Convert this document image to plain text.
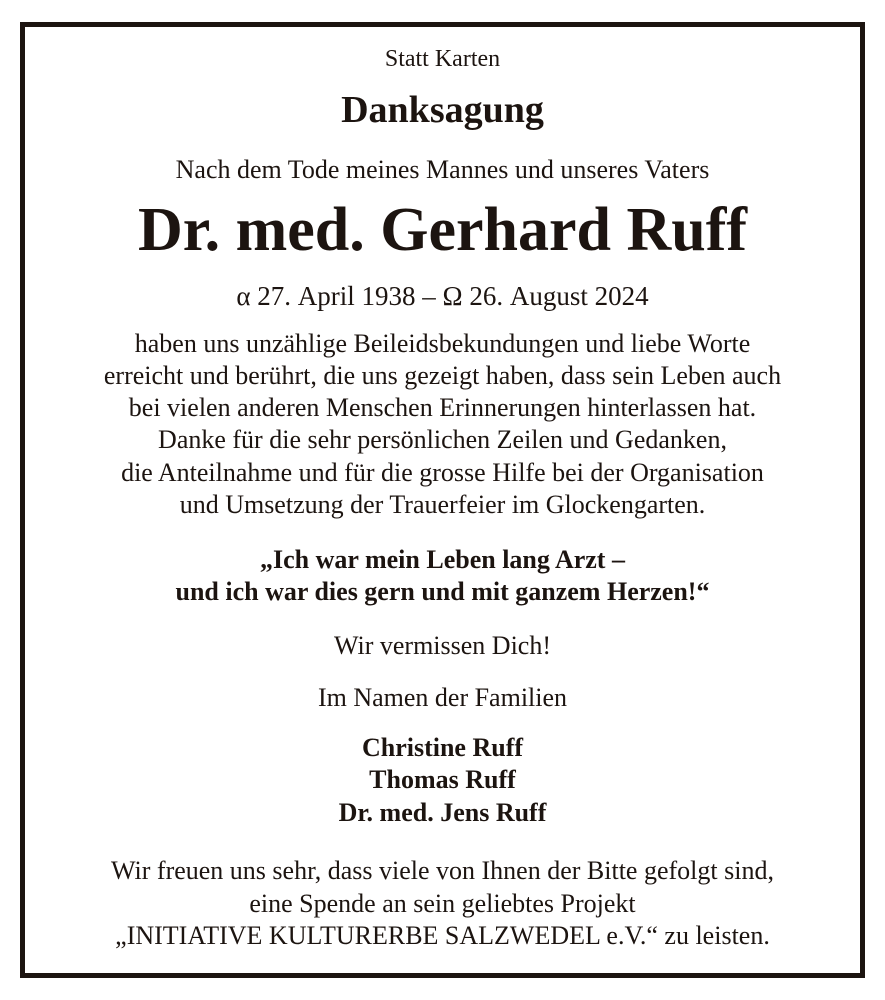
Statt Karten
Danksagung
Nach dem Tode meines Mannes und unseres Vaters
Dr. med. Gerhard Ruff
α 27. April 1938 – Ω 26. August 2024
haben uns unzählige Beileidsbekundungen und liebe Worte
erreicht und berührt, die uns gezeigt haben, dass sein Leben auch
bei vielen anderen Menschen Erinnerungen hinterlassen hat.
Danke für die sehr persönlichen Zeilen und Gedanken,
die Anteilnahme und für die grosse Hilfe bei der Organisation
und Umsetzung der Trauerfeier im Glockengarten.
„Ich war mein Leben lang Arzt –
und ich war dies gern und mit ganzem Herzen!“
Wir vermissen Dich!
Im Namen der Familien
Christine Ruff
Thomas Ruff
Dr. med. Jens Ruff
Wir freuen uns sehr, dass viele von Ihnen der Bitte gefolgt sind,
eine Spende an sein geliebtes Projekt
„INITIATIVE KULTURERBE SALZWEDEL e.V.“ zu leisten.
